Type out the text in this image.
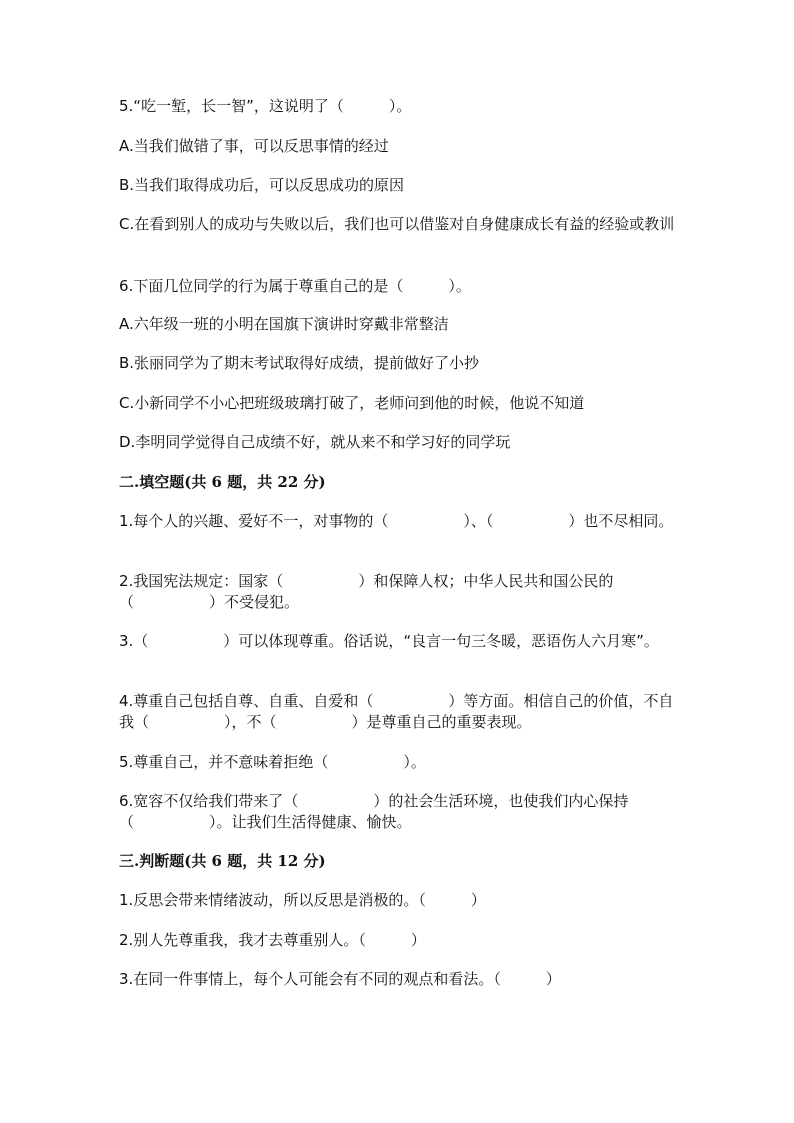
5.“吃一堑，长一智”，这说明了（　　　）。

A.当我们做错了事，可以反思事情的经过

B.当我们取得成功后，可以反思成功的原因

C.在看到别人的成功与失败以后，我们也可以借鉴对自身健康成长有益的经验或教训

6.下面几位同学的行为属于尊重自己的是（　　　）。

A.六年级一班的小明在国旗下演讲时穿戴非常整洁

B.张丽同学为了期末考试取得好成绩，提前做好了小抄

C.小新同学不小心把班级玻璃打破了，老师问到他的时候，他说不知道

D.李明同学觉得自己成绩不好，就从来不和学习好的同学玩

二.填空题(共 6 题，共 22 分)

1.每个人的兴趣、爱好不一，对事物的（　　　　　）、（　　　　　）也不尽相同。

2.我国宪法规定：国家（　　　　　）和保障人权；中华人民共和国公民的（　　　　　）不受侵犯。

3.（　　　　　）可以体现尊重。俗话说，“良言一句三冬暖，恶语伤人六月寒”。

4.尊重自己包括自尊、自重、自爱和（　　　　　）等方面。相信自己的价值，不自我（　　　　　），不（　　　　　）是尊重自己的重要表现。

5.尊重自己，并不意味着拒绝（　　　　　）。

6.宽容不仅给我们带来了（　　　　　）的社会生活环境，也使我们内心保持（　　　　　）。让我们生活得健康、愉快。

三.判断题(共 6 题，共 12 分)

1.反思会带来情绪波动，所以反思是消极的。（　　　）

2.别人先尊重我，我才去尊重别人。（　　　）

3.在同一件事情上，每个人可能会有不同的观点和看法。（　　　）
